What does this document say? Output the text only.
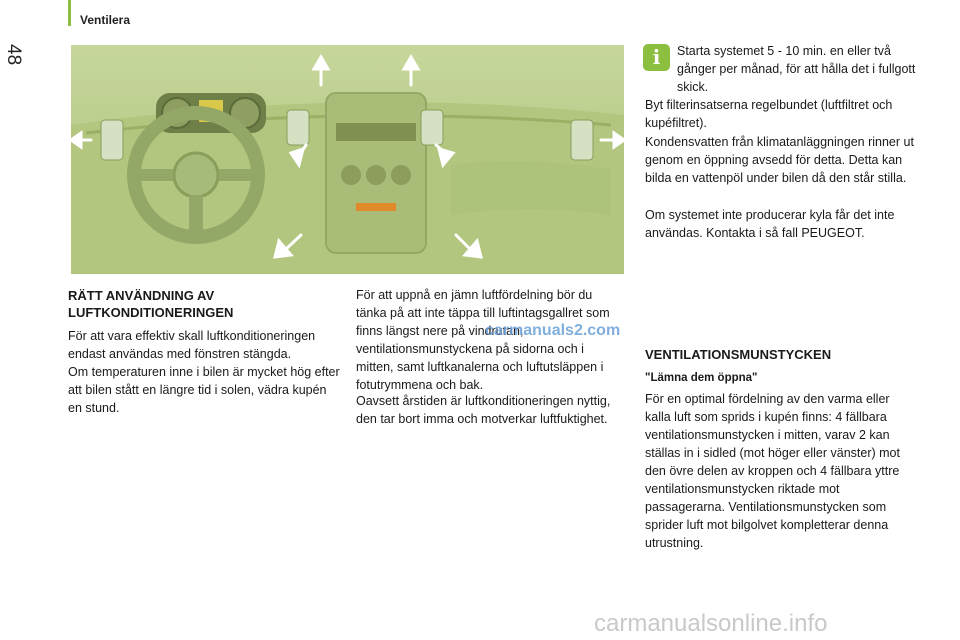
Ventilera
48	i	Starta systemet 5 - 10 min. en eller två gånger per månad, för att hålla det i fullgott skick.

Byt filterinsatserna regelbundet (luftfiltret och kupéfiltret).

Kondensvatten från klimatanläggningen rinner ut genom en öppning avsedd för detta. Detta kan bilda en vattenpöl under bilen då den står stilla.

Om systemet inte producerar kyla får det inte användas. Kontakta i så fall PEUGEOT.

RÄTT ANVÄNDNING AV LUFTKONDITIONERINGEN

För att vara effektiv skall luftkonditioneringen endast användas med fönstren stängda.

Om temperaturen inne i bilen är mycket hög efter att bilen stått en längre tid i solen, vädra kupén en stund.

För att uppnå en jämn luftfördelning bör du tänka på att inte täppa till luftintagsgallret som finns längst nere på vindrutan, ventilationsmunstyckena på sidorna och i mitten, samt luftkanalerna och luftutsläppen i fotutrymmena och bak.

Oavsett årstiden är luftkonditioneringen nyttig, den tar bort imma och motverkar luftfuktighet.

carmanuals2.com

VENTILATIONSMUNSTYCKEN

"Lämna dem öppna"

För en optimal fördelning av den varma eller kalla luft som sprids i kupén finns: 4 fällbara ventilationsmunstycken i mitten, varav 2 kan ställas in i sidled (mot höger eller vänster) mot den övre delen av kroppen och 4 fällbara yttre ventilationsmunstycken riktade mot passagerarna. Ventilationsmunstycken som sprider luft mot bilgolvet kompletterar denna utrustning.

carmanualsonline.info
